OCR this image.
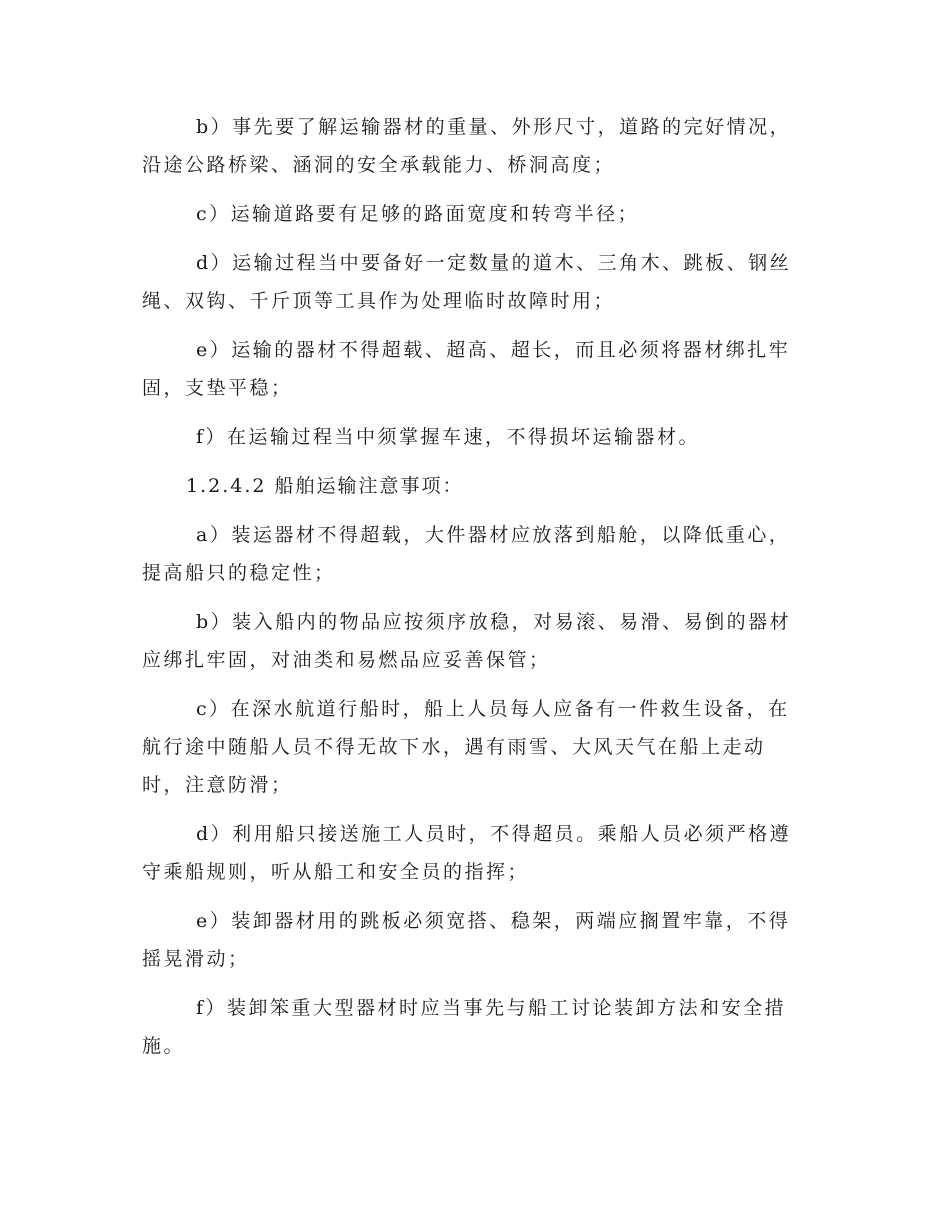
b）事先要了解运输器材的重量、外形尺寸，道路的完好情况，沿途公路桥梁、涵洞的安全承载能力、桥洞高度；

c）运输道路要有足够的路面宽度和转弯半径；

d）运输过程当中要备好一定数量的道木、三角木、跳板、钢丝绳、双钩、千斤顶等工具作为处理临时故障时用；

e）运输的器材不得超载、超高、超长，而且必须将器材绑扎牢固，支垫平稳；

f）在运输过程当中须掌握车速，不得损坏运输器材。

1.2.4.2 船舶运输注意事项：

a）装运器材不得超载，大件器材应放落到船舱，以降低重心，提高船只的稳定性；

b）装入船内的物品应按须序放稳，对易滚、易滑、易倒的器材应绑扎牢固，对油类和易燃品应妥善保管；

c）在深水航道行船时，船上人员每人应备有一件救生设备，在航行途中随船人员不得无故下水，遇有雨雪、大风天气在船上走动时，注意防滑；

d）利用船只接送施工人员时，不得超员。乘船人员必须严格遵守乘船规则，听从船工和安全员的指挥；

e）装卸器材用的跳板必须宽搭、稳架，两端应搁置牢靠，不得摇晃滑动；

f）装卸笨重大型器材时应当事先与船工讨论装卸方法和安全措施。
